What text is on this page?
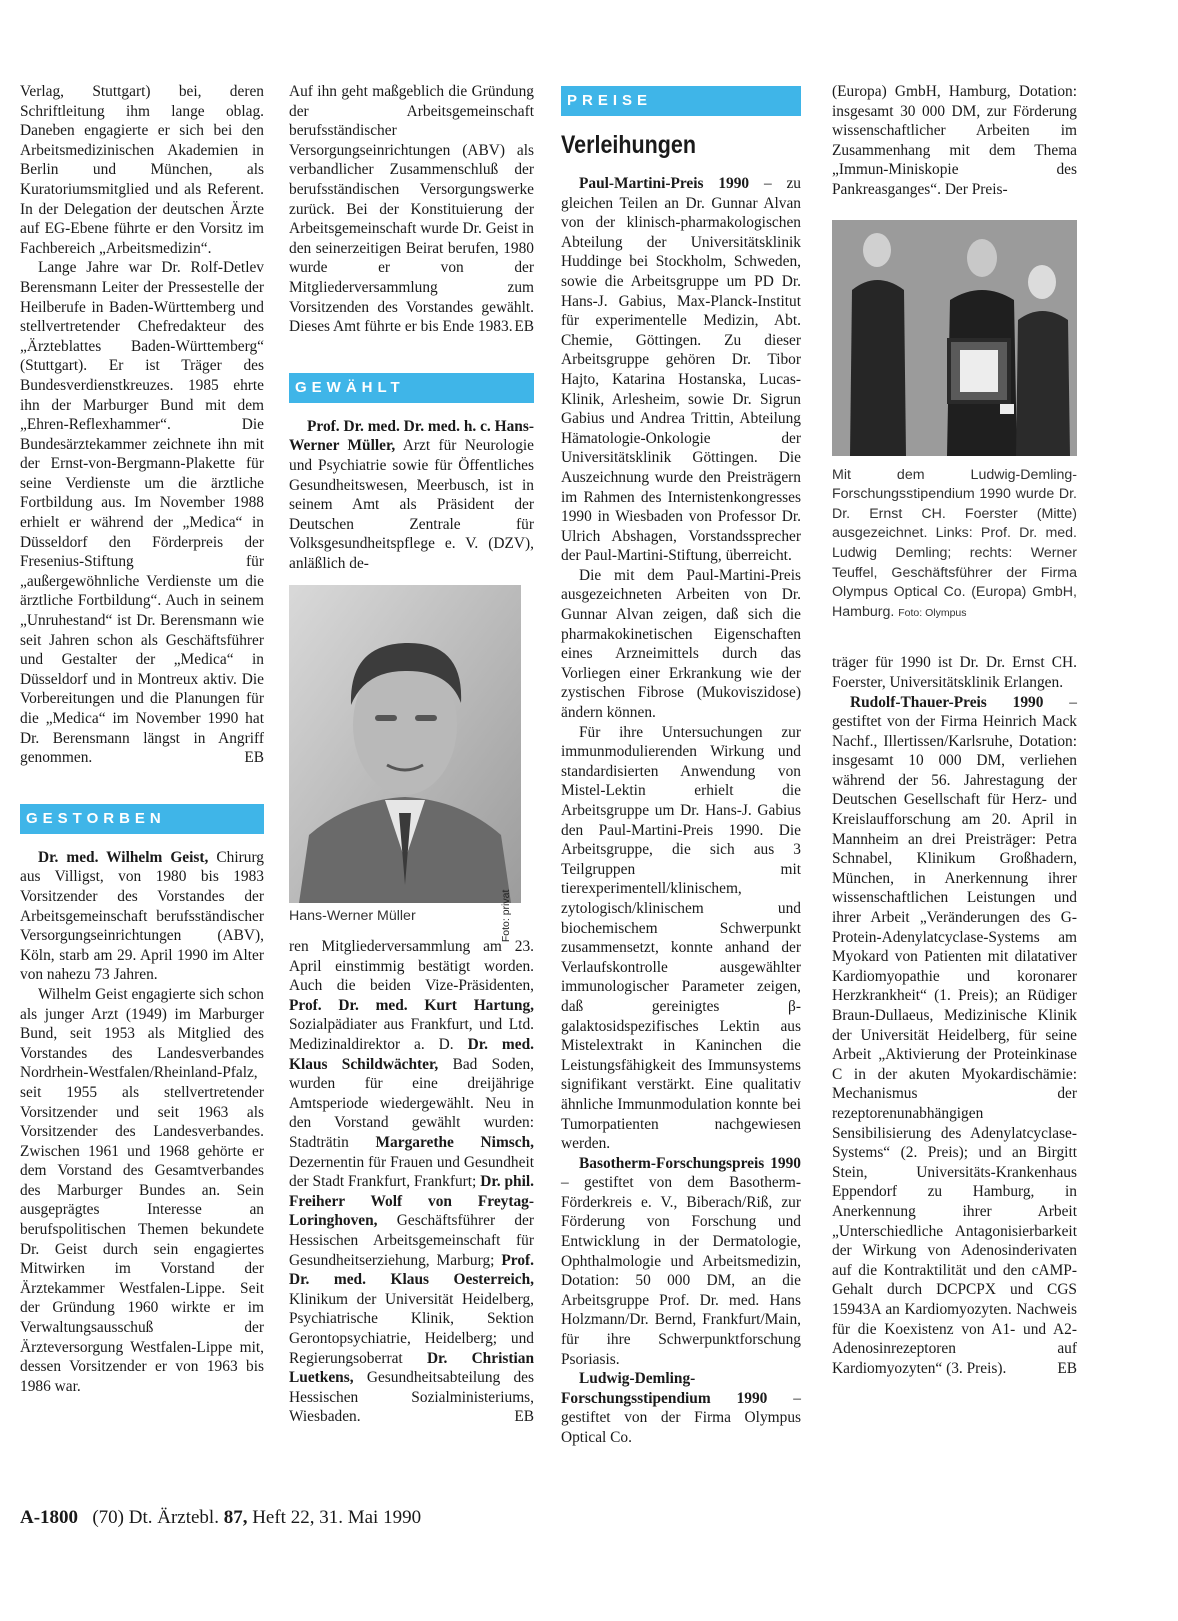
Verlag, Stuttgart) bei, deren Schriftleitung ihm lange oblag. Daneben engagierte er sich bei den Arbeitsmedizinischen Akademien in Berlin und München, als Kuratoriumsmitglied und als Referent. In der Delegation der deutschen Ärzte auf EG-Ebene führte er den Vorsitz im Fachbereich „Arbeitsmedizin“.

Lange Jahre war Dr. Rolf-Detlev Berensmann Leiter der Pressestelle der Heilberufe in Baden-Württemberg und stellvertretender Chefredakteur des „Ärzteblattes Baden-Württemberg“ (Stuttgart). Er ist Träger des Bundesverdienstkreuzes. 1985 ehrte ihn der Marburger Bund mit dem „Ehren-Reflexhammer“. Die Bundesärztekammer zeichnete ihn mit der Ernst-von-Bergmann-Plakette für seine Verdienste um die ärztliche Fortbildung aus. Im November 1988 erhielt er während der „Medica“ in Düsseldorf den Förderpreis der Fresenius-Stiftung für „außergewöhnliche Verdienste um die ärztliche Fortbildung“. Auch in seinem „Unruhestand“ ist Dr. Berensmann wie seit Jahren schon als Geschäftsführer und Gestalter der „Medica“ in Düsseldorf und in Montreux aktiv. Die Vorbereitungen und die Planungen für die „Medica“ im November 1990 hat Dr. Berensmann längst in Angriff genommen.	EB

GESTORBEN

Dr. med. Wilhelm Geist, Chirurg aus Villigst, von 1980 bis 1983 Vorsitzender des Vorstandes der Arbeitsgemeinschaft berufsständischer Versorgungseinrichtungen (ABV), Köln, starb am 29. April 1990 im Alter von nahezu 73 Jahren.

Wilhelm Geist engagierte sich schon als junger Arzt (1949) im Marburger Bund, seit 1953 als Mitglied des Vorstandes des Landesverbandes Nordrhein-Westfalen/Rheinland-Pfalz, seit 1955 als stellvertretender Vorsitzender und seit 1963 als Vorsitzender des Landesverbandes. Zwischen 1961 und 1968 gehörte er dem Vorstand des Gesamtverbandes des Marburger Bundes an. Sein ausgeprägtes Interesse an berufspolitischen Themen bekundete Dr. Geist durch sein engagiertes Mitwirken im Vorstand der Ärztekammer Westfalen-Lippe. Seit der Gründung 1960 wirkte er im Verwaltungsausschuß der Ärzteversorgung Westfalen-Lippe mit, dessen Vorsitzender er von 1963 bis 1986 war.

Auf ihn geht maßgeblich die Gründung der Arbeitsgemeinschaft berufsständischer Versorgungseinrichtungen (ABV) als verbandlicher Zusammenschluß der berufsständischen Versorgungswerke zurück. Bei der Konstituierung der Arbeitsgemeinschaft wurde Dr. Geist in den seinerzeitigen Beirat berufen, 1980 wurde er von der Mitgliederversammlung zum Vorsitzenden des Vorstandes gewählt. Dieses Amt führte er bis Ende 1983. EB

GEWÄHLT

Prof. Dr. med. Dr. med. h. c. Hans-Werner Müller, Arzt für Neurologie und Psychiatrie sowie für Öffentliches Gesundheitswesen, Meerbusch, ist in seinem Amt als Präsident der Deutschen Zentrale für Volksgesundheitspflege e. V. (DZV), anläßlich de-

Foto: privat
Hans-Werner Müller

ren Mitgliederversammlung am 23. April einstimmig bestätigt worden. Auch die beiden Vize-Präsidenten, Prof. Dr. med. Kurt Hartung, Sozialpädiater aus Frankfurt, und Ltd. Medizinaldirektor a. D. Dr. med. Klaus Schildwächter, Bad Soden, wurden für eine dreijährige Amtsperiode wiedergewählt. Neu in den Vorstand gewählt wurden: Stadträtin Margarethe Nimsch, Dezernentin für Frauen und Gesundheit der Stadt Frankfurt, Frankfurt; Dr. phil. Freiherr Wolf von Freytag-Loringhoven, Geschäftsführer der Hessischen Arbeitsgemeinschaft für Gesundheitserziehung, Marburg; Prof. Dr. med. Klaus Oesterreich, Klinikum der Universität Heidelberg, Psychiatrische Klinik, Sektion Gerontopsychiatrie, Heidelberg; und Regierungsoberrat Dr. Christian Luetkens, Gesundheitsabteilung des Hessischen Sozialministeriums, Wiesbaden.	EB

PREISE
Verleihungen

Paul-Martini-Preis 1990 – zu gleichen Teilen an Dr. Gunnar Alvan von der klinisch-pharmakologischen Abteilung der Universitätsklinik Huddinge bei Stockholm, Schweden, sowie die Arbeitsgruppe um PD Dr. Hans-J. Gabius, Max-Planck-Institut für experimentelle Medizin, Abt. Chemie, Göttingen. Zu dieser Arbeitsgruppe gehören Dr. Tibor Hajto, Katarina Hostanska, Lucas-Klinik, Arlesheim, sowie Dr. Sigrun Gabius und Andrea Trittin, Abteilung Hämatologie-Onkologie der Universitätsklinik Göttingen. Die Auszeichnung wurde den Preisträgern im Rahmen des Internistenkongresses 1990 in Wiesbaden von Professor Dr. Ulrich Abshagen, Vorstandssprecher der Paul-Martini-Stiftung, überreicht.

Die mit dem Paul-Martini-Preis ausgezeichneten Arbeiten von Dr. Gunnar Alvan zeigen, daß sich die pharmakokinetischen Eigenschaften eines Arzneimittels durch das Vorliegen einer Erkrankung wie der zystischen Fibrose (Mukoviszidose) ändern können.

Für ihre Untersuchungen zur immunmodulierenden Wirkung und standardisierten Anwendung von Mistel-Lektin erhielt die Arbeitsgruppe um Dr. Hans-J. Gabius den Paul-Martini-Preis 1990. Die Arbeitsgruppe, die sich aus 3 Teilgruppen mit tierexperimentell/klinischem, zytologisch/klinischem und biochemischem Schwerpunkt zusammensetzt, konnte anhand der Verlaufskontrolle ausgewählter immunologischer Parameter zeigen, daß gereinigtes β-galaktosidspezifisches Lektin aus Mistelextrakt in Kaninchen die Leistungsfähigkeit des Immunsystems signifikant verstärkt. Eine qualitativ ähnliche Immunmodulation konnte bei Tumorpatienten nachgewiesen werden.

Basotherm-Forschungspreis 1990 – gestiftet von dem Basotherm-Förderkreis e. V., Biberach/Riß, zur Förderung von Forschung und Entwicklung in der Dermatologie, Ophthalmologie und Arbeitsmedizin, Dotation: 50 000 DM, an die Arbeitsgruppe Prof. Dr. med. Hans Holzmann/Dr. Bernd, Frankfurt/Main, für ihre Schwerpunktforschung Psoriasis.

Ludwig-Demling-Forschungsstipendium 1990 – gestiftet von der Firma Olympus Optical Co.

(Europa) GmbH, Hamburg, Dotation: insgesamt 30 000 DM, zur Förderung wissenschaftlicher Arbeiten im Zusammenhang mit dem Thema „Immun-Miniskopie des Pankreasganges“. Der Preis-

Mit dem Ludwig-Demling-Forschungsstipendium 1990 wurde Dr. Dr. Ernst CH. Foerster (Mitte) ausgezeichnet. Links: Prof. Dr. med. Ludwig Demling; rechts: Werner Teuffel, Geschäftsführer der Firma Olympus Optical Co. (Europa) GmbH, Hamburg. Foto: Olympus

träger für 1990 ist Dr. Dr. Ernst CH. Foerster, Universitätsklinik Erlangen.

Rudolf-Thauer-Preis 1990 – gestiftet von der Firma Heinrich Mack Nachf., Illertissen/Karlsruhe, Dotation: insgesamt 10 000 DM, verliehen während der 56. Jahrestagung der Deutschen Gesellschaft für Herz- und Kreislaufforschung am 20. April in Mannheim an drei Preisträger: Petra Schnabel, Klinikum Großhadern, München, in Anerkennung ihrer wissenschaftlichen Leistungen und ihrer Arbeit „Veränderungen des G-Protein-Adenylatcyclase-Systems am Myokard von Patienten mit dilatativer Kardiomyopathie und koronarer Herzkrankheit“ (1. Preis); an Rüdiger Braun-Dullaeus, Medizinische Klinik der Universität Heidelberg, für seine Arbeit „Aktivierung der Proteinkinase C in der akuten Myokardischämie: Mechanismus der rezeptorenunabhängigen Sensibilisierung des Adenylatcyclase-Systems“ (2. Preis); und an Birgitt Stein, Universitäts-Krankenhaus Eppendorf zu Hamburg, in Anerkennung ihrer Arbeit „Unterschiedliche Antagonisierbarkeit der Wirkung von Adenosinderivaten auf die Kontraktilität und den cAMP-Gehalt durch DCPCPX und CGS 15943A an Kardiomyozyten. Nachweis für die Koexistenz von A1- und A2-Adenosinrezeptoren auf Kardiomyozyten“ (3. Preis).	EB

A-1800 (70) Dt. Ärztebl. 87, Heft 22, 31. Mai 1990
